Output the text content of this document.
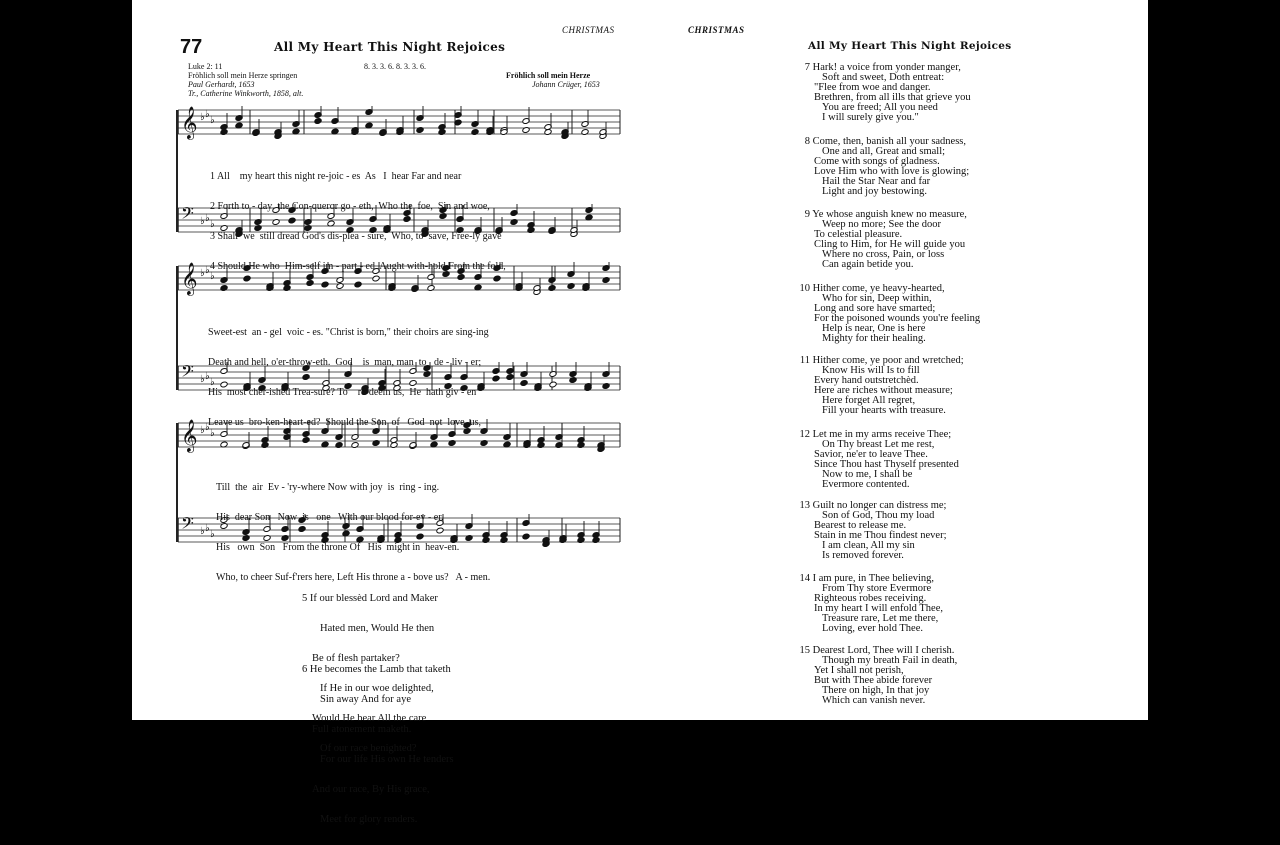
CHRISTMAS	CHRISTMAS
77	All My Heart This Night Rejoices
Luke 2: 11
Fröhlich soll mein Herze springen
Paul Gerhardt, 1653
Tr., Catherine Winkworth, 1858, alt.
8. 3. 3. 6. 8. 3. 3. 6.
Fröhlich soll mein Herze
Johann Crüger, 1653
𝄞 ♭ ♭
♭
𝄢 ♭ ♭
♭
𝄞 ♭ ♭
♭
𝄢 ♭ ♭
♭
𝄞 ♭ ♭
♭
𝄢 ♭ ♭
♭

1 All    my heart this night re-joic - es  As   I  hear Far and near

2 Forth to - day  the Con-queror go - eth,  Who the  foe,  Sin and woe,

3 Shall  we  still dread God's dis-plea - sure,  Who, to  save, Free-ly gave

4 Should He who  Him-self im - part - ed  Aught with-hold From the fold,

Sweet-est  an - gel  voic - es. "Christ is born," their choirs are sing-ing

Death and hell, o'er-throw-eth.  God    is  man, man  to   de - liv - er;

His  most cher-ished Trea-sure? To    re-deem us,  He  hath giv - en

Leave us  bro-ken-heart-ed?  Should the Son  of   God  not  love  us,

Till  the  air  Ev - 'ry-where Now with joy  is  ring - ing.

His  dear Son   Now  is   one   With our blood for-ev - er.

His   own  Son   From the throne Of   His  might in  heav-en.

Who, to cheer Suf-f'rers here, Left His throne a - bove us?   A - men.

5 If our blessèd Lord and Maker

Hated men, Would He then

Be of flesh partaker?

If He in our woe delighted,

Would He bear All the care

Of our race benighted?

6 He becomes the Lamb that taketh

Sin away And for aye

Full atonement maketh.

For our life His own He tenders

And our race, By His grace,

Meet for glory renders.

All My Heart This Night Rejoices
7 Hark! a voice from yonder manger,
Soft and sweet, Doth entreat:
"Flee from woe and danger.
Brethren, from all ills that grieve you
You are freed; All you need
I will surely give you."
8 Come, then, banish all your sadness,
One and all, Great and small;
Come with songs of gladness.
Love Him who with love is glowing;
Hail the Star Near and far
Light and joy bestowing.
9 Ye whose anguish knew no measure,
Weep no more; See the door
To celestial pleasure.
Cling to Him, for He will guide you
Where no cross, Pain, or loss
Can again betide you.
10 Hither come, ye heavy-hearted,
Who for sin, Deep within,
Long and sore have smarted;
For the poisoned wounds you're feeling
Help is near, One is here
Mighty for their healing.
11 Hither come, ye poor and wretched;
Know His will Is to fill
Every hand outstretchèd.
Here are riches without measure;
Here forget All regret,
Fill your hearts with treasure.
12 Let me in my arms receive Thee;
On Thy breast Let me rest,
Savior, ne'er to leave Thee.
Since Thou hast Thyself presented
Now to me, I shall be
Evermore contented.
13 Guilt no longer can distress me;
Son of God, Thou my load
Bearest to release me.
Stain in me Thou findest never;
I am clean, All my sin
Is removed forever.
14 I am pure, in Thee believing,
From Thy store Evermore
Righteous robes receiving.
In my heart I will enfold Thee,
Treasure rare, Let me there,
Loving, ever hold Thee.
15 Dearest Lord, Thee will I cherish.
Though my breath Fail in death,
Yet I shall not perish,
But with Thee abide forever
There on high, In that joy
Which can vanish never.
